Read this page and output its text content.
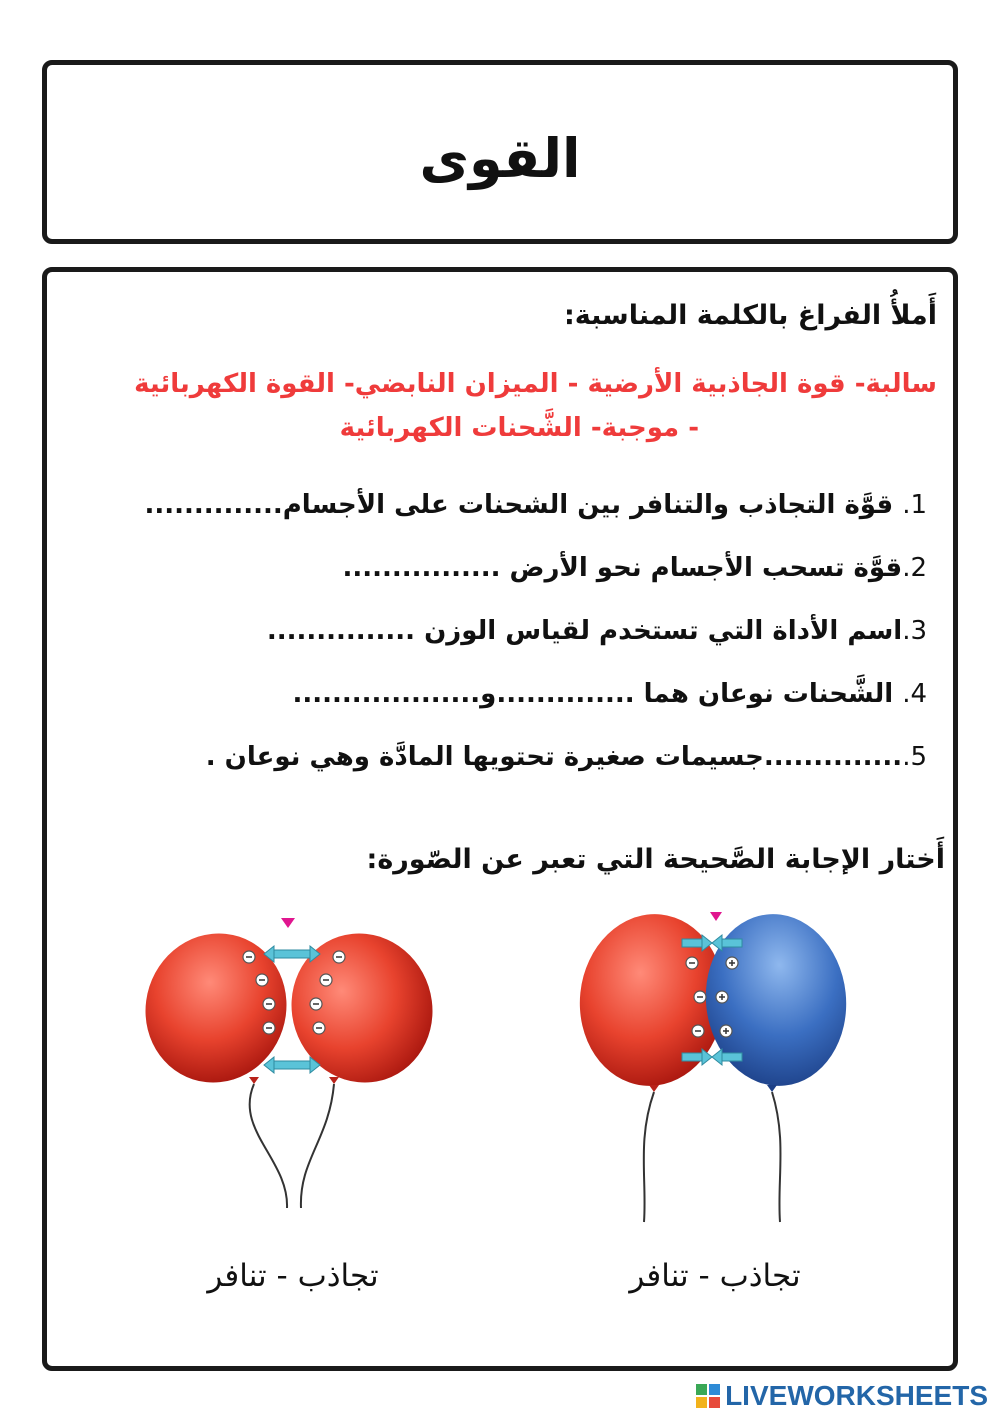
القوى
أَملأُ الفراغ بالكلمة المناسبة:
سالبة- قوة الجاذبية الأرضية - الميزان النابضي- القوة الكهربائية
- موجبة- الشَّحنات الكهربائية
1. قوَّة التجاذب والتنافر بين الشحنات على الأجسام..............
2.قوَّة تسحب الأجسام نحو الأرض ................
3.اسم الأداة التي تستخدم لقياس الوزن ...............
4. الشَّحنات نوعان هما ..............و...................
5...............جسيمات صغيرة تحتويها المادَّة وهي نوعان .
أَختار الإجابة الصَّحيحة التي تعبر عن الصّورة:
تجاذب - تنافر	تجاذب - تنافر
LIVEWORKSHEETS
